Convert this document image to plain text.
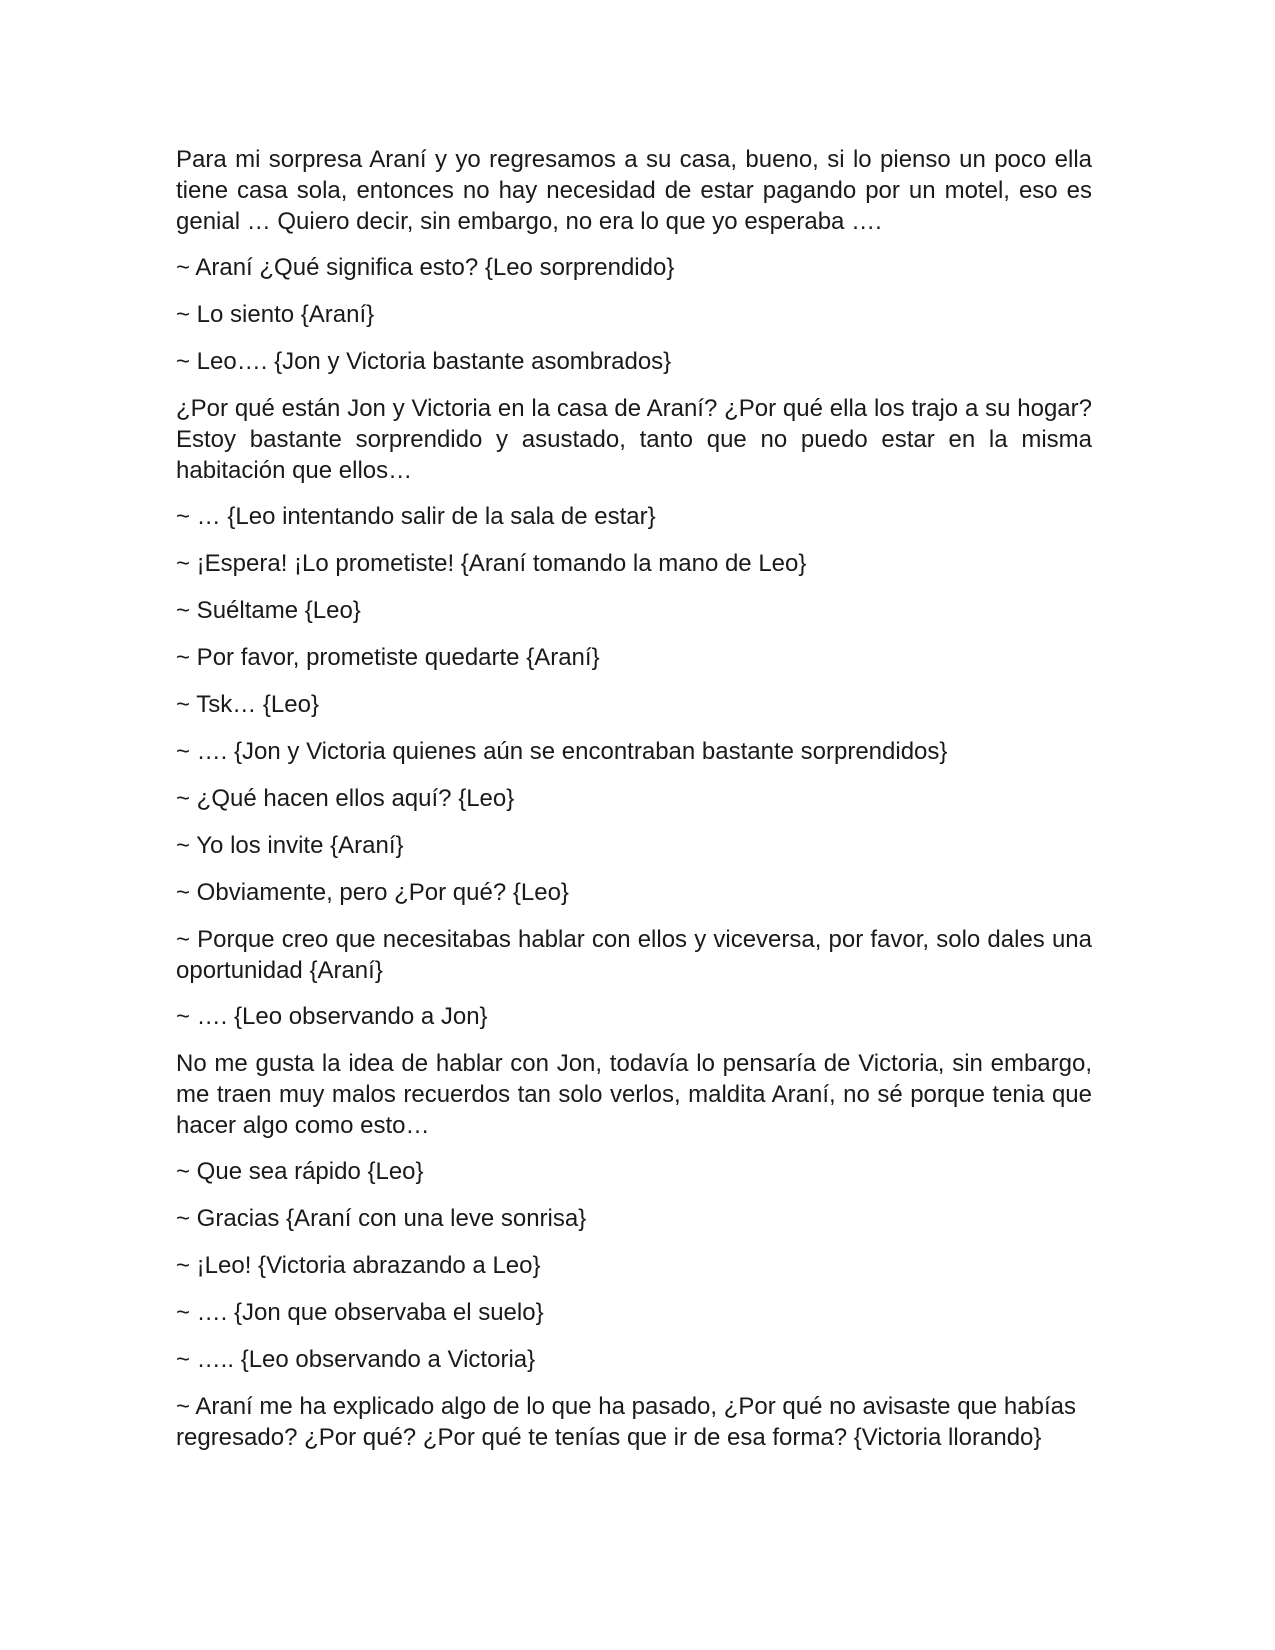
Para mi sorpresa Araní y yo regresamos a su casa, bueno, si lo pienso un poco ella tiene casa sola, entonces no hay necesidad de estar pagando por un motel, eso es genial … Quiero decir, sin embargo, no era lo que yo esperaba ….

~ Araní ¿Qué significa esto? {Leo sorprendido}

~ Lo siento {Araní}

~ Leo…. {Jon y Victoria bastante asombrados}

¿Por qué están Jon y Victoria en la casa de Araní? ¿Por qué ella los trajo a su hogar? Estoy bastante sorprendido y asustado, tanto que no puedo estar en la misma habitación que ellos…

~ … {Leo intentando salir de la sala de estar}

~ ¡Espera! ¡Lo prometiste! {Araní tomando la mano de Leo}

~ Suéltame {Leo}

~ Por favor, prometiste quedarte {Araní}

~ Tsk… {Leo}

~ …. {Jon y Victoria quienes aún se encontraban bastante sorprendidos}

~ ¿Qué hacen ellos aquí? {Leo}

~ Yo los invite {Araní}

~ Obviamente, pero ¿Por qué? {Leo}

~ Porque creo que necesitabas hablar con ellos y viceversa, por favor, solo dales una oportunidad {Araní}

~ …. {Leo observando a Jon}

No me gusta la idea de hablar con Jon, todavía lo pensaría de Victoria, sin embargo, me traen muy malos recuerdos tan solo verlos, maldita Araní, no sé porque tenia que hacer algo como esto…

~ Que sea rápido {Leo}

~ Gracias {Araní con una leve sonrisa}

~ ¡Leo! {Victoria abrazando a Leo}

~ …. {Jon que observaba el suelo}

~ ….. {Leo observando a Victoria}

~ Araní me ha explicado algo de lo que ha pasado, ¿Por qué no avisaste que habías regresado? ¿Por qué? ¿Por qué te tenías que ir de esa forma? {Victoria llorando}
